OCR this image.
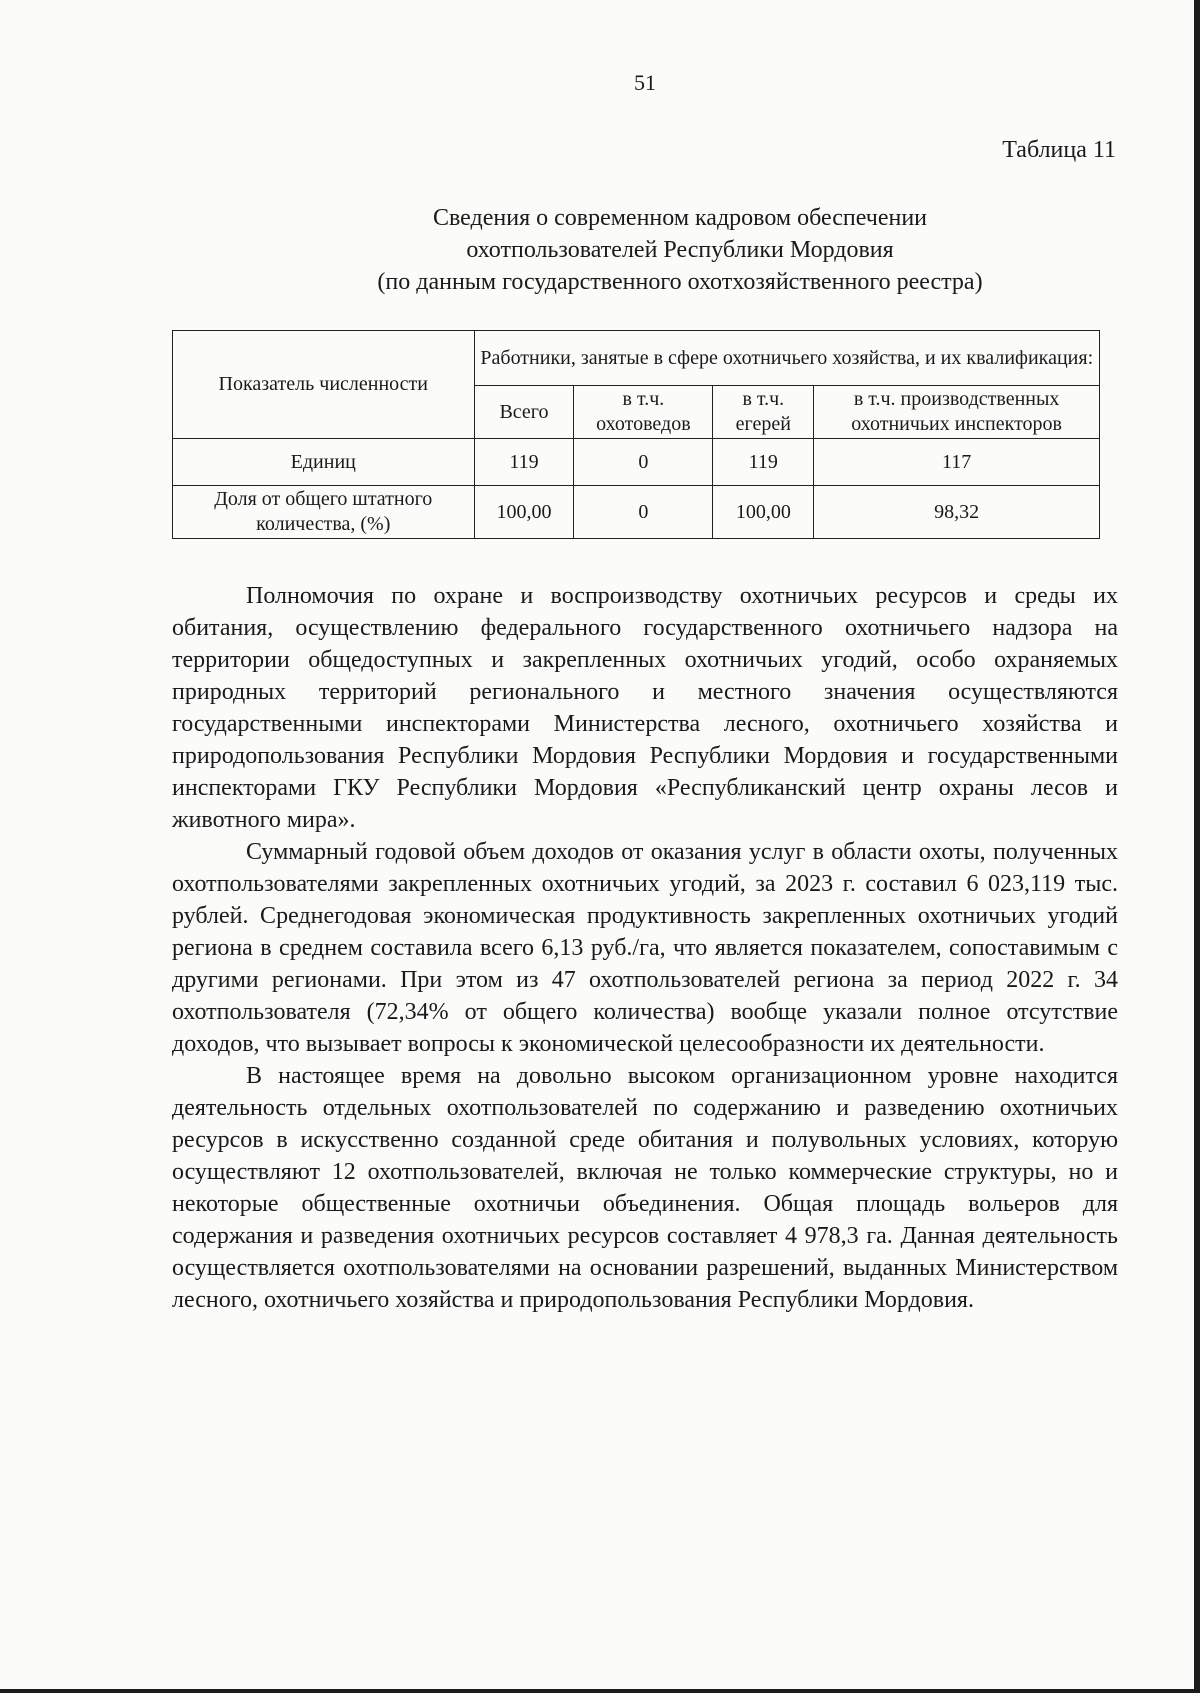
51

Таблица 11

Сведения о современном кадровом обеспечении
охотпользователей Республики Мордовия
(по данным государственного охотхозяйственного реестра)
Показатель численности	Работники, занятые в сфере охотничьего хозяйства, и их квалификация:			
	Всего	в т.ч. охотоведов	в т.ч. егерей	в т.ч. производственных охотничьих инспекторов
Единиц	119	0	119	117
Доля от общего штатного количества, (%)	100,00	0	100,00	98,32

Полномочия по охране и воспроизводству охотничьих ресурсов и среды их обитания, осуществлению федерального государственного охотничьего надзора на территории общедоступных и закрепленных охотничьих угодий, особо охраняемых природных территорий регионального и местного значения осуществляются государственными инспекторами Министерства лесного, охотничьего хозяйства и природопользования Республики Мордовия Республики Мордовия и государственными инспекторами ГКУ Республики Мордовия «Республиканский центр охраны лесов и животного мира».

Суммарный годовой объем доходов от оказания услуг в области охоты, полученных охотпользователями закрепленных охотничьих угодий, за 2023 г. составил 6 023,119 тыс. рублей. Среднегодовая экономическая продуктивность закрепленных охотничьих угодий региона в среднем составила всего 6,13 руб./га, что является показателем, сопоставимым с другими регионами. При этом из 47 охотпользователей региона за период 2022 г. 34 охотпользователя (72,34% от общего количества) вообще указали полное отсутствие доходов, что вызывает вопросы к экономической целесообразности их деятельности.

В настоящее время на довольно высоком организационном уровне находится деятельность отдельных охотпользователей по содержанию и разведению охотничьих ресурсов в искусственно созданной среде обитания и полувольных условиях, которую осуществляют 12 охотпользователей, включая не только коммерческие структуры, но и некоторые общественные охотничьи объединения. Общая площадь вольеров для содержания и разведения охотничьих ресурсов составляет 4 978,3 га. Данная деятельность осуществляется охотпользователями на основании разрешений, выданных Министерством лесного, охотничьего хозяйства и природопользования Республики Мордовия.
